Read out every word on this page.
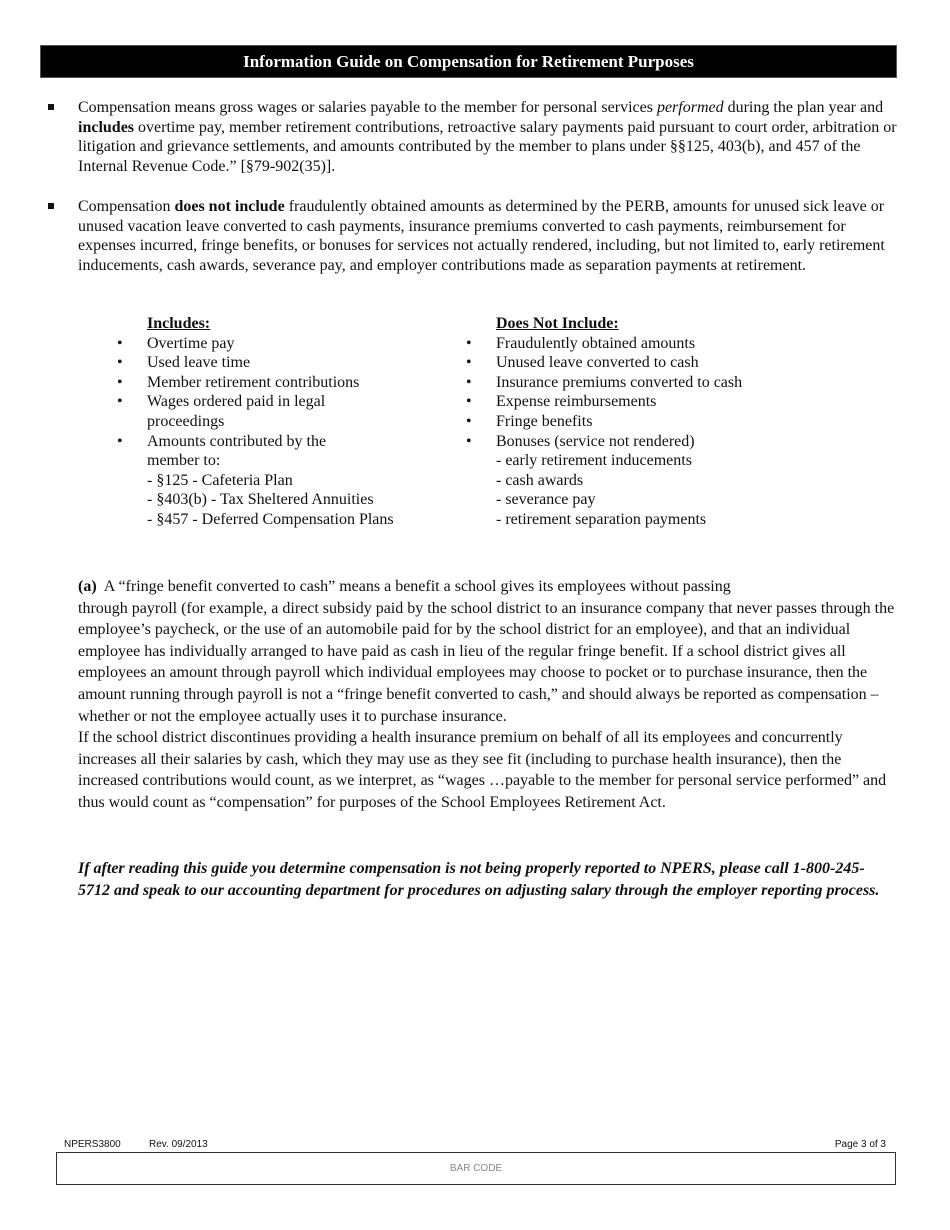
Information Guide on Compensation for Retirement Purposes
Compensation means gross wages or salaries payable to the member for personal services performed during the plan year and includes overtime pay, member retirement contributions, retroactive salary payments paid pursuant to court order, arbitration or litigation and grievance settlements, and amounts contributed by the member to plans under §§125, 403(b), and 457 of the Internal Revenue Code.” [§79-902(35)].
Compensation does not include fraudulently obtained amounts as determined by the PERB, amounts for unused sick leave or unused vacation leave converted to cash payments, insurance premiums converted to cash payments, reimbursement for expenses incurred, fringe benefits, or bonuses for services not actually rendered, including, but not limited to, early retirement inducements, cash awards, severance pay, and employer contributions made as separation payments at retirement.
Includes:
• Overtime pay
• Used leave time
• Member retirement contributions
• Wages ordered paid in legal
proceedings
• Amounts contributed by the
member to:
- §125 - Cafeteria Plan
- §403(b) - Tax Sheltered Annuities
- §457 - Deferred Compensation Plans
Does Not Include:
• Fraudulently obtained amounts
• Unused leave converted to cash
• Insurance premiums converted to cash
• Expense reimbursements
• Fringe benefits
• Bonuses (service not rendered)
- early retirement inducements
- cash awards
- severance pay
- retirement separation payments
(a)  A “fringe benefit converted to cash” means a benefit a school gives its employees without passing
through payroll (for example, a direct subsidy paid by the school district to an insurance company that never passes through the employee’s paycheck, or the use of an automobile paid for by the school district for an employee), and that an individual employee has individually arranged to have paid as cash in lieu of the regular fringe benefit. If a school district gives all employees an amount through payroll which individual employees may choose to pocket or to purchase insurance, then the amount running through payroll is not a “fringe benefit converted to cash,” and should always be reported as compensation – whether or not the employee actually uses it to purchase insurance.
If the school district discontinues providing a health insurance premium on behalf of all its employees and concurrently increases all their salaries by cash, which they may use as they see fit (including to purchase health insurance), then the increased contributions would count, as we interpret, as “wages …payable to the member for personal service performed” and thus would count as “compensation” for purposes of the School Employees Retirement Act.
If after reading this guide you determine compensation is not being properly reported to NPERS, please call 1-800-245-5712 and speak to our accounting department for procedures on adjusting salary through the employer reporting process.
NPERS3800	Rev. 09/2013	Page 3 of 3
BAR CODE
